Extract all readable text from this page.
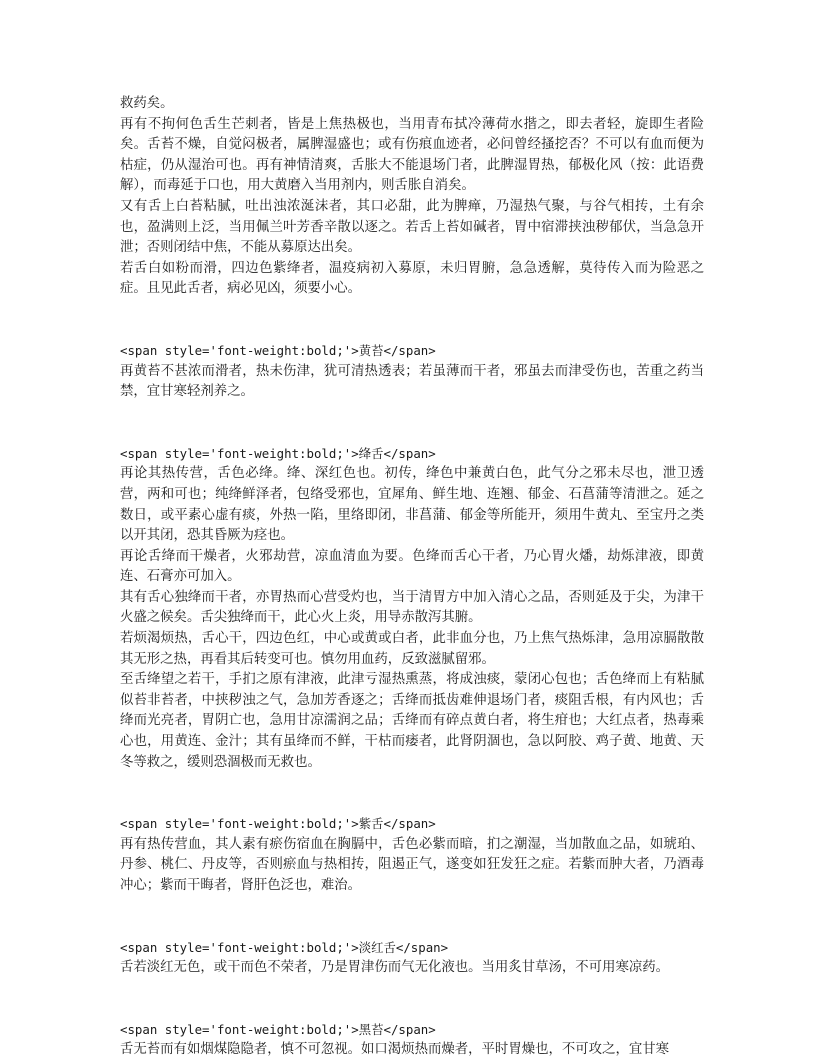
救药矣。

再有不拘何色舌生芒刺者，皆是上焦热极也，当用青布拭冷薄荷水揩之，即去者轻，旋即生者险矣。舌苔不燥，自觉闷极者，属脾湿盛也；或有伤痕血迹者，必问曾经搔挖否？不可以有血而便为枯症，仍从湿治可也。再有神情清爽，舌胀大不能退场门者，此脾湿胃热，郁极化风（按：此语费解），而毒延于口也，用大黄磨入当用剂内，则舌胀自消矣。

又有舌上白苔粘腻，吐出浊浓涎沫者，其口必甜，此为脾瘅，乃湿热气聚，与谷气相抟，土有余也，盈满则上泛，当用佩兰叶芳香辛散以逐之。若舌上苔如碱者，胃中宿滞挟浊秽郁伏，当急急开泄；否则闭结中焦，不能从募原达出矣。

若舌白如粉而滑，四边色紫绛者，温疫病初入募原，未归胃腑，急急透解，莫待传入而为险恶之症。且见此舌者，病必见凶，须要小心。

<span style='font-weight:bold;'>黄苔</span>

再黄苔不甚浓而滑者，热未伤津，犹可清热透表；若虽薄而干者，邪虽去而津受伤也，苦重之药当禁，宜甘寒轻剂养之。

<span style='font-weight:bold;'>绛舌</span>

再论其热传营，舌色必绛。绛、深红色也。初传，绛色中兼黄白色，此气分之邪未尽也，泄卫透营，两和可也；纯绛鲜泽者，包络受邪也，宜犀角、鲜生地、连翘、郁金、石菖蒲等清泄之。延之数日，或平素心虚有痰，外热一陷，里络即闭，非菖蒲、郁金等所能开，须用牛黄丸、至宝丹之类以开其闭，恐其昏厥为痉也。

再论舌绛而干燥者，火邪劫营，凉血清血为要。色绛而舌心干者，乃心胃火燔，劫烁津液，即黄连、石膏亦可加入。

其有舌心独绛而干者，亦胃热而心营受灼也，当于清胃方中加入清心之品，否则延及于尖，为津干火盛之候矣。舌尖独绛而干，此心火上炎，用导赤散泻其腑。

若烦渴烦热，舌心干，四边色红，中心或黄或白者，此非血分也，乃上焦气热烁津，急用凉膈散散其无形之热，再看其后转变可也。慎勿用血药，反致滋腻留邪。

至舌绛望之若干，手扪之原有津液，此津亏湿热熏蒸，将成浊痰，蒙闭心包也；舌色绛而上有粘腻似苔非苔者，中挟秽浊之气，急加芳香逐之；舌绛而抵齿难伸退场门者，痰阻舌根，有内风也；舌绛而光亮者，胃阴亡也，急用甘凉濡润之品；舌绛而有碎点黄白者，将生疳也；大红点者，热毒乘心也，用黄连、金汁；其有虽绛而不鲜，干枯而痿者，此肾阴涸也，急以阿胶、鸡子黄、地黄、天冬等救之，缓则恐涸极而无救也。

<span style='font-weight:bold;'>紫舌</span>

再有热传营血，其人素有瘀伤宿血在胸膈中，舌色必紫而暗，扪之潮湿，当加散血之品，如琥珀、丹参、桃仁、丹皮等，否则瘀血与热相抟，阻遏正气，遂变如狂发狂之症。若紫而肿大者，乃酒毒冲心；紫而干晦者，肾肝色泛也，难治。

<span style='font-weight:bold;'>淡红舌</span>

舌若淡红无色，或干而色不荣者，乃是胃津伤而气无化液也。当用炙甘草汤，不可用寒凉药。

<span style='font-weight:bold;'>黑苔</span>

舌无苔而有如烟煤隐隐者，慎不可忽视。如口渴烦热而燥者，平时胃燥也，不可攻之，宜甘寒
